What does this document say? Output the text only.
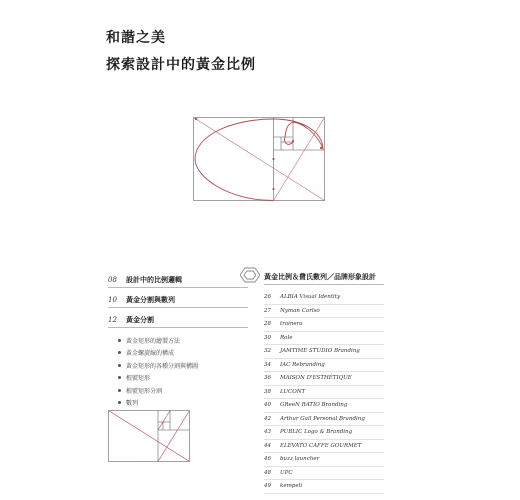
和諧之美
探索設計中的黃金比例
08	設計中的比例邏輯
10	黃金分割與數列
12	黃金分割
黃金矩形的繪製方法
黃金螺旋線的構成
黃金矩形的各種分割與構圖
根號矩形
根號矩形分割
數列
黃金比例＆費氏數列／品牌形象設計
26	ALBIA Visual Identity
27	Nyman Carlso
28	trainera
30	Role
32	JAMTIME STUDIO Branding
34	IAC Rebranding
36	MAISON D'ESTHÉTIQUE
38	LUCONT
40	GReeN RATIO Branding
42	Arthur Gall Personal Branding
43	PUBLIC Logo & Branding
44	ELEVATO CAFFE GOURMET
46	buzz launcher
48	UPC
49	kempeli
